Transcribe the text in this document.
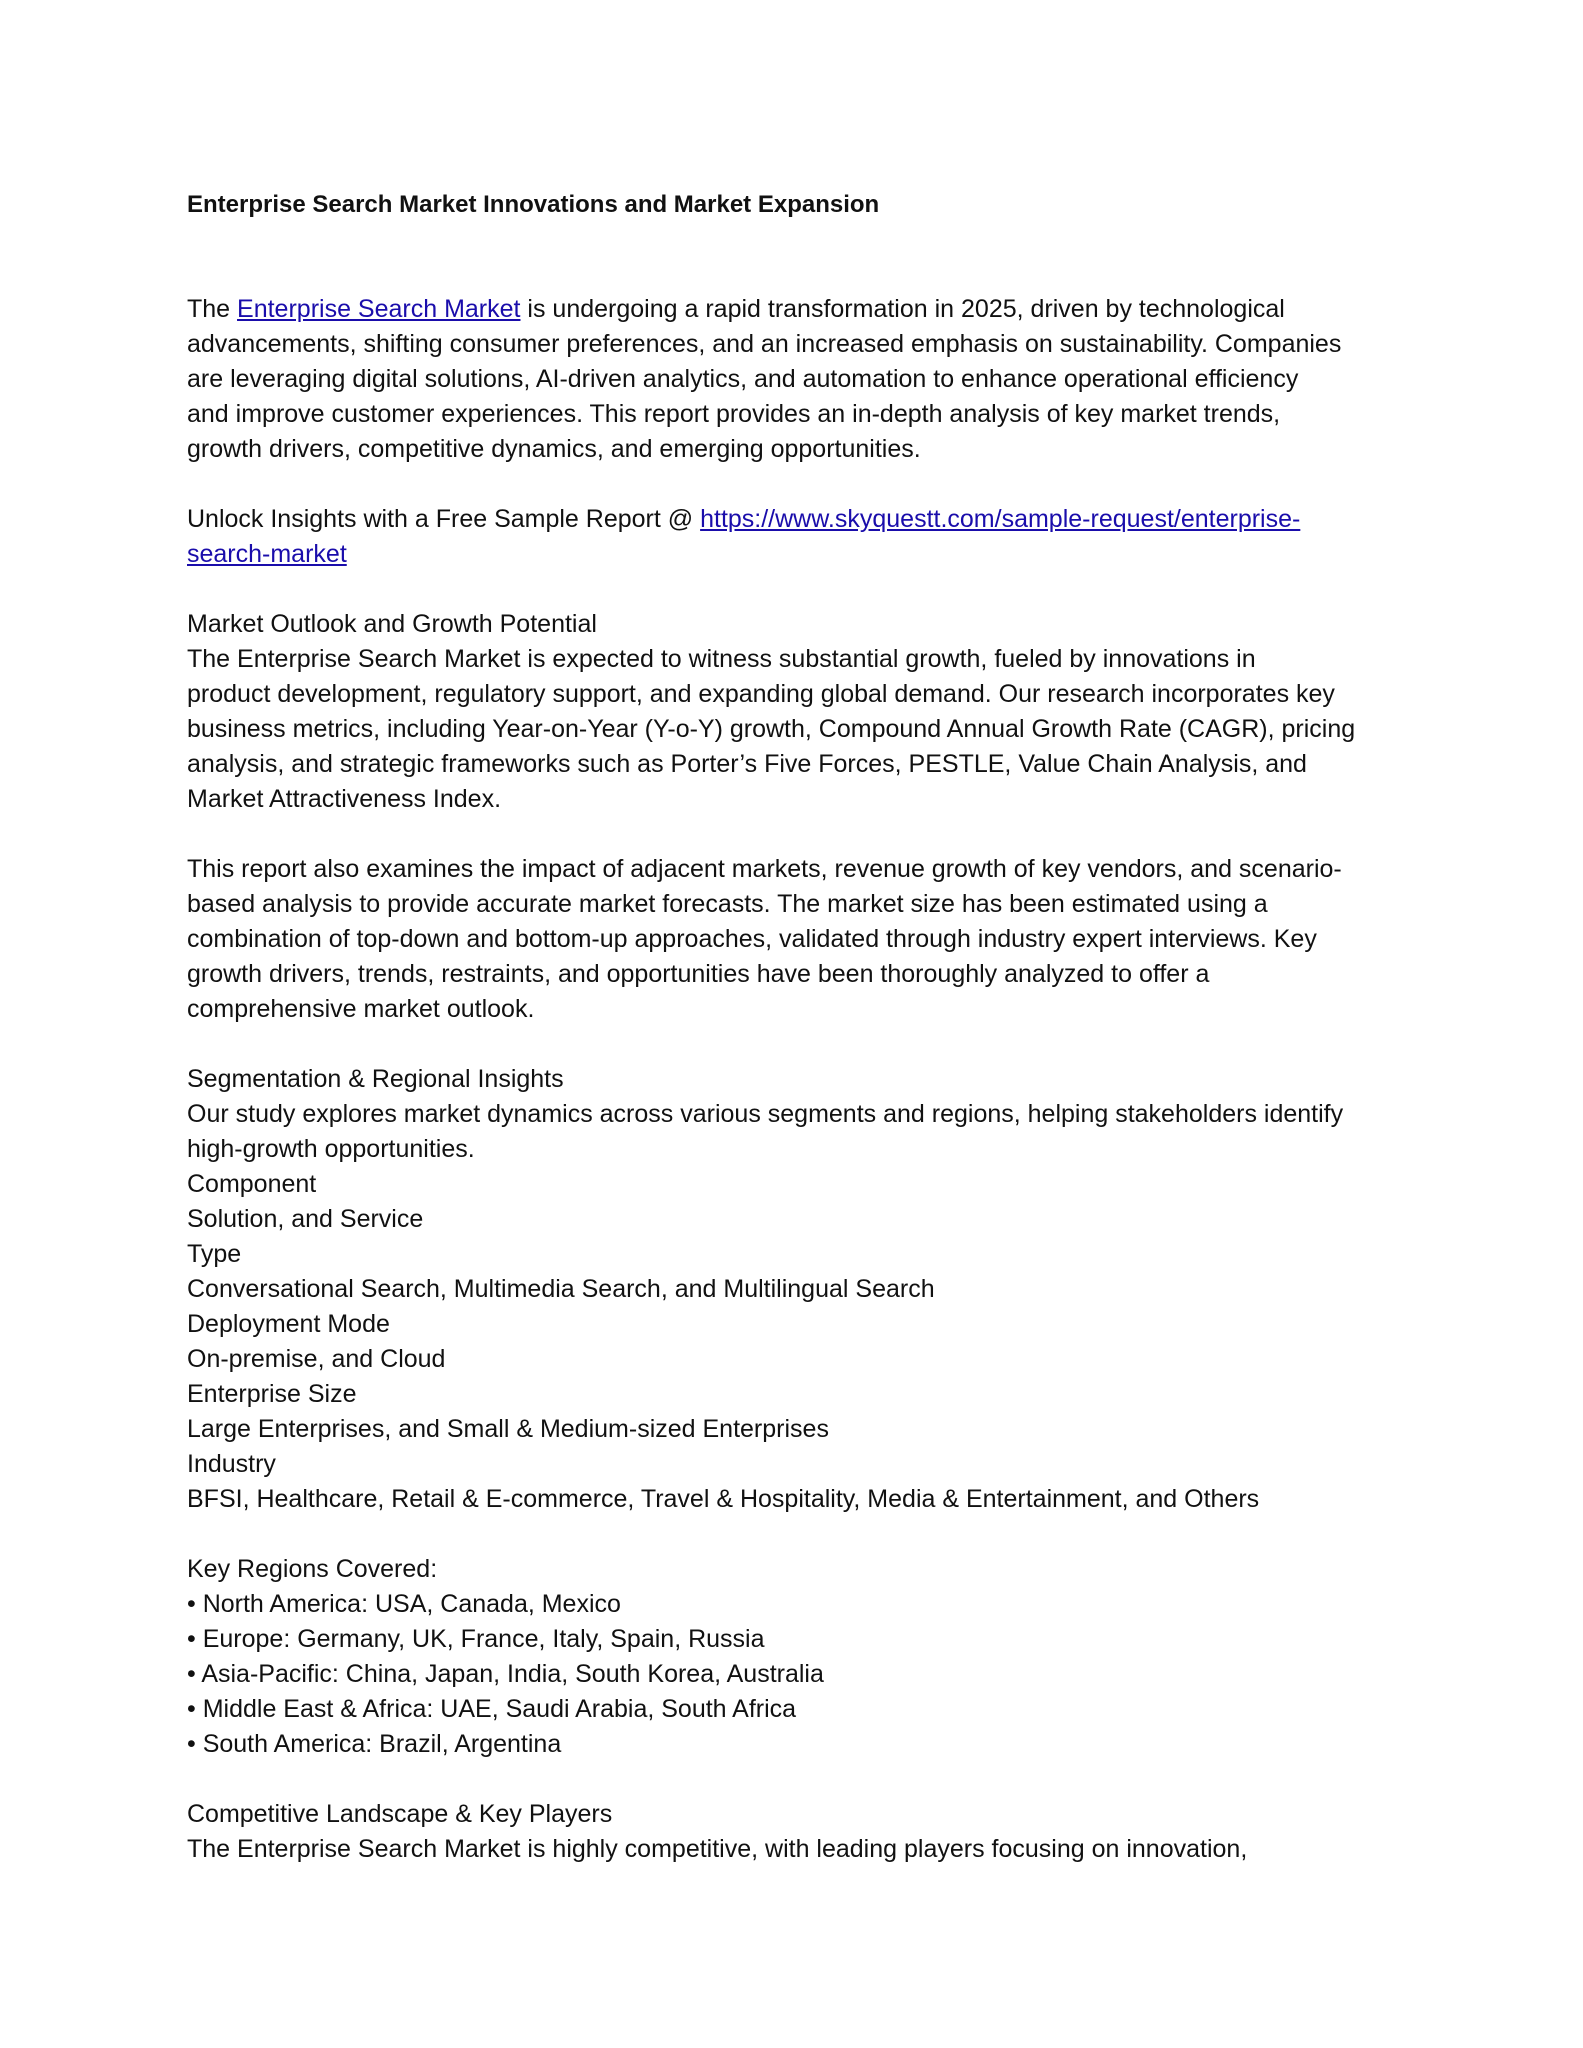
Enterprise Search Market Innovations and Market Expansion
The Enterprise Search Market is undergoing a rapid transformation in 2025, driven by technological
advancements, shifting consumer preferences, and an increased emphasis on sustainability. Companies
are leveraging digital solutions, AI-driven analytics, and automation to enhance operational efficiency
and improve customer experiences. This report provides an in-depth analysis of key market trends,
growth drivers, competitive dynamics, and emerging opportunities.
Unlock Insights with a Free Sample Report @ https://www.skyquestt.com/sample-request/enterprise-
search-market
Market Outlook and Growth Potential
The Enterprise Search Market is expected to witness substantial growth, fueled by innovations in
product development, regulatory support, and expanding global demand. Our research incorporates key
business metrics, including Year-on-Year (Y-o-Y) growth, Compound Annual Growth Rate (CAGR), pricing
analysis, and strategic frameworks such as Porter’s Five Forces, PESTLE, Value Chain Analysis, and
Market Attractiveness Index.
This report also examines the impact of adjacent markets, revenue growth of key vendors, and scenario-
based analysis to provide accurate market forecasts. The market size has been estimated using a
combination of top-down and bottom-up approaches, validated through industry expert interviews. Key
growth drivers, trends, restraints, and opportunities have been thoroughly analyzed to offer a
comprehensive market outlook.
Segmentation & Regional Insights
Our study explores market dynamics across various segments and regions, helping stakeholders identify
high-growth opportunities.
Component
Solution, and Service
Type
Conversational Search, Multimedia Search, and Multilingual Search
Deployment Mode
On-premise, and Cloud
Enterprise Size
Large Enterprises, and Small & Medium-sized Enterprises
Industry
BFSI, Healthcare, Retail & E-commerce, Travel & Hospitality, Media & Entertainment, and Others
Key Regions Covered:
• North America: USA, Canada, Mexico
• Europe: Germany, UK, France, Italy, Spain, Russia
• Asia-Pacific: China, Japan, India, South Korea, Australia
• Middle East & Africa: UAE, Saudi Arabia, South Africa
• South America: Brazil, Argentina
Competitive Landscape & Key Players
The Enterprise Search Market is highly competitive, with leading players focusing on innovation,
